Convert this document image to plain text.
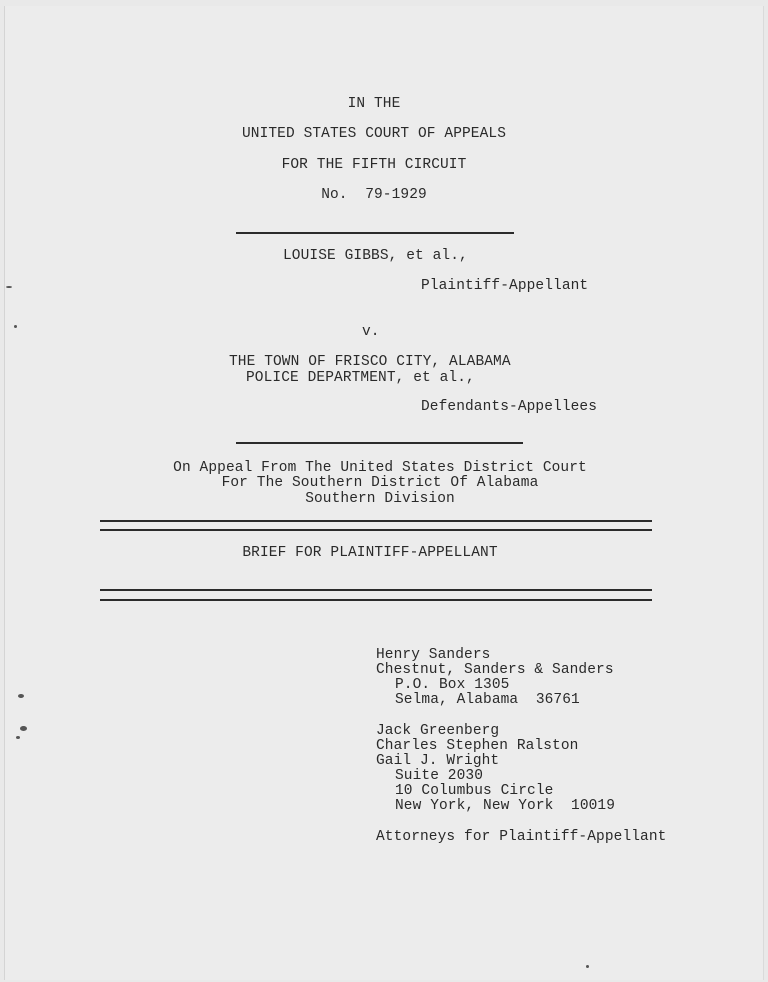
IN THE
UNITED STATES COURT OF APPEALS
FOR THE FIFTH CIRCUIT
No.  79-1929
LOUISE GIBBS, et al.,
Plaintiff-Appellant
v.
THE TOWN OF FRISCO CITY, ALABAMA
POLICE DEPARTMENT, et al.,
Defendants-Appellees
On Appeal From The United States District Court
For The Southern District Of Alabama
Southern Division
BRIEF FOR PLAINTIFF-APPELLANT
Henry Sanders
Chestnut, Sanders & Sanders
P.O. Box 1305
Selma, Alabama  36761
Jack Greenberg
Charles Stephen Ralston
Gail J. Wright
Suite 2030
10 Columbus Circle
New York, New York  10019
Attorneys for Plaintiff-Appellant
